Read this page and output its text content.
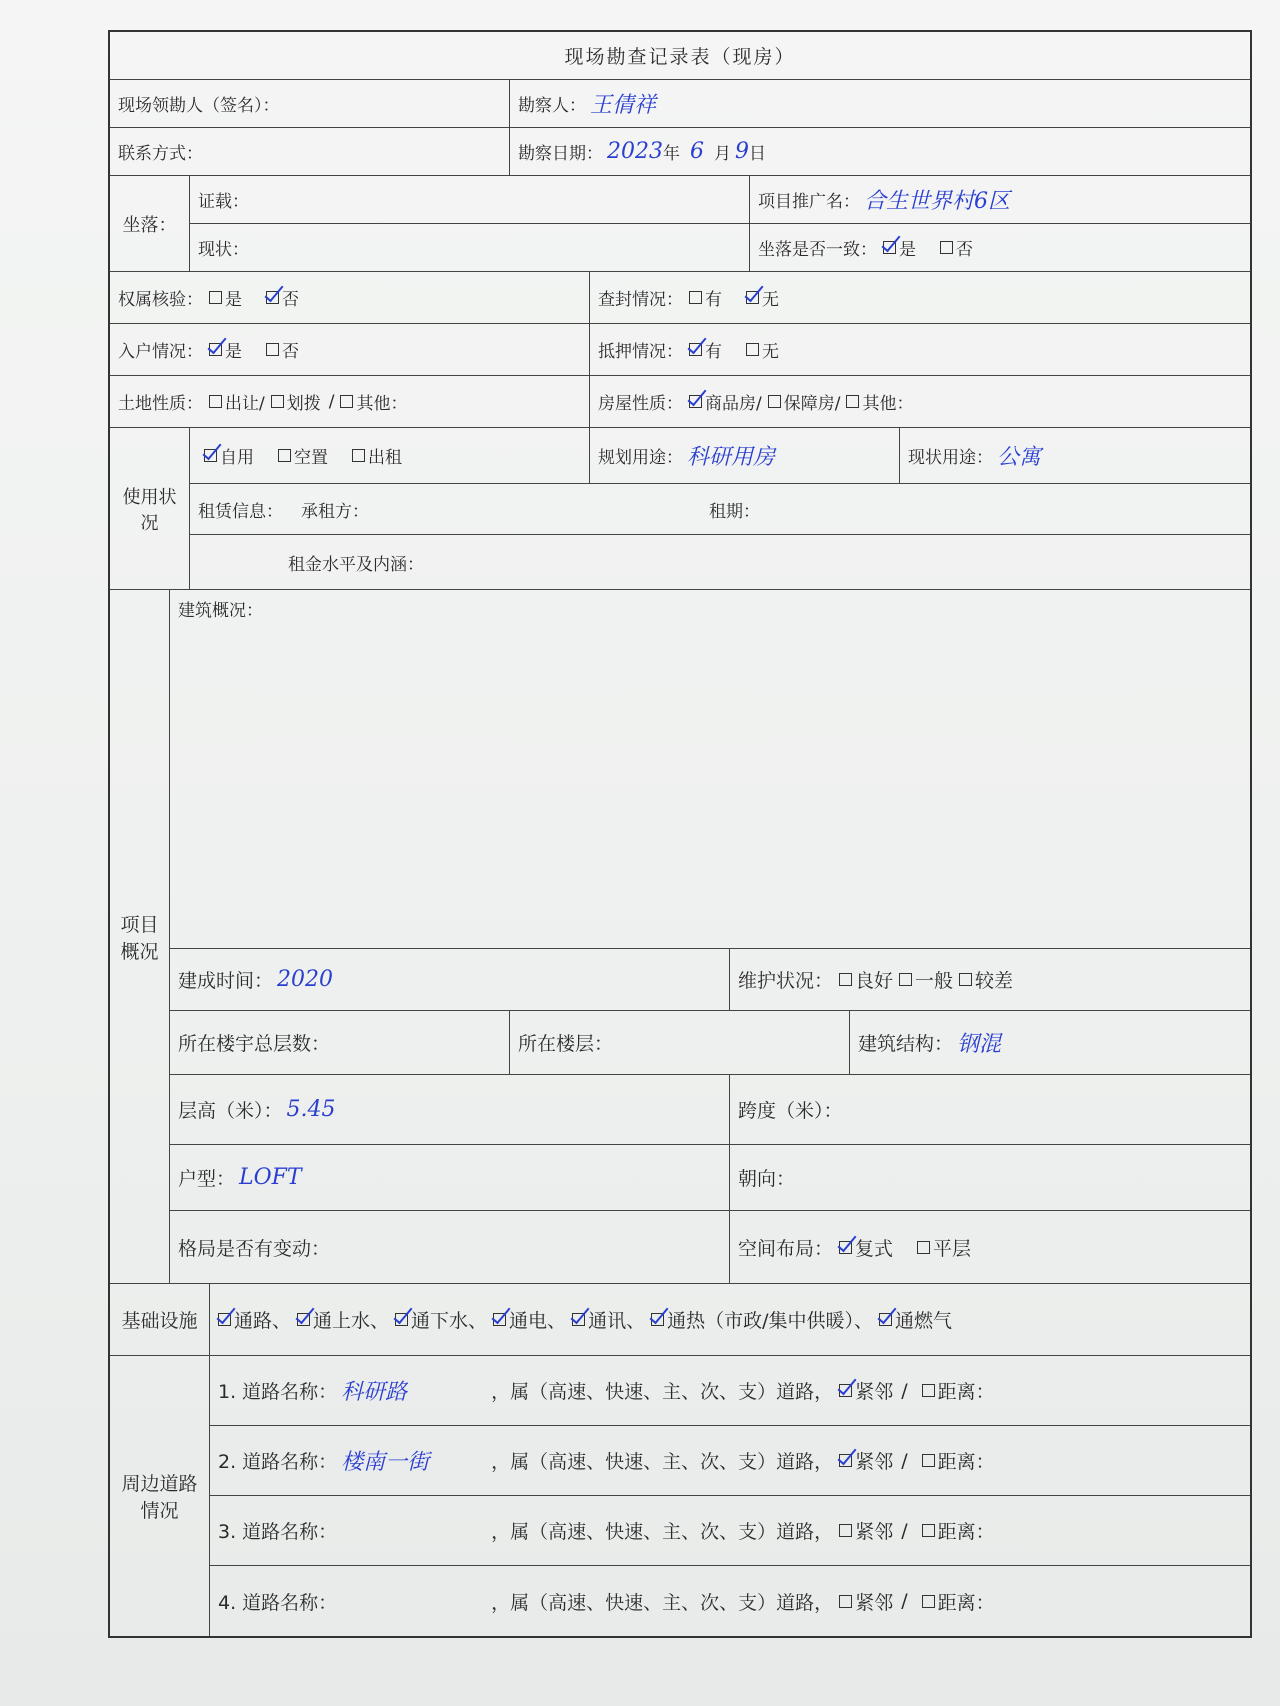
现场勘查记录表（现房）
现场领勘人（签名）：	勘察人： 王倩祥
联系方式：	勘察日期： 2023 年 6 月 9 日
坐落：
证载：	项目推广名： 合生世界村6区
现状：	坐落是否一致： 是 否
权属核验： 是 否	查封情况： 有 无
入户情况： 是 否	抵押情况： 有 无
土地性质： 出让/ 划拨 / 其他：	房屋性质： 商品房/ 保障房/ 其他：
使用状况
自用 空置 出租	规划用途： 科研用房	现状用途： 公寓
租赁信息： 承租方：	租期：
租金水平及内涵：
项目概况
建筑概况：
建成时间： 2020	维护状况： 良好 一般 较差
所在楼宇总层数：	所在楼层：	建筑结构： 钢混
层高（米）： 5.45	跨度（米）：
户型： LOFT	朝向：
格局是否有变动：	空间布局： 复式 平层
基础设施	通路、 通上水、 通下水、 通电、 通讯、 通热（市政/集中供暖）、 通燃气
周边道路
情况
1. 道路名称： 科研路	，属（高速、快速、主、次、支）道路， 紧邻 / 距离：
2. 道路名称： 楼南一街	，属（高速、快速、主、次、支）道路， 紧邻 / 距离：
3. 道路名称：	，属（高速、快速、主、次、支）道路， 紧邻 / 距离：
4. 道路名称：	，属（高速、快速、主、次、支）道路， 紧邻 / 距离：
